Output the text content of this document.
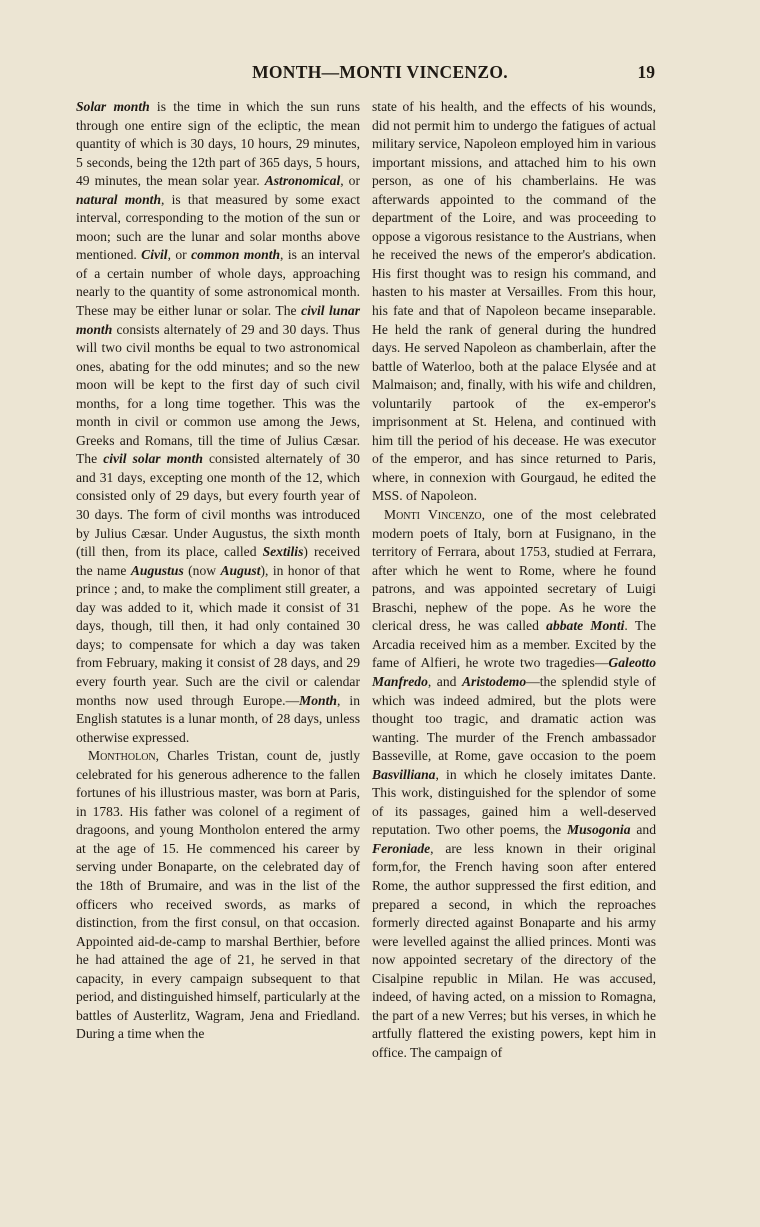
MONTH—MONTI VINCENZO.	19

Solar month is the time in which the sun runs through one entire sign of the ecliptic, the mean quantity of which is 30 days, 10 hours, 29 minutes, 5 seconds, being the 12th part of 365 days, 5 hours, 49 minutes, the mean solar year. Astronomical, or natural month, is that measured by some exact interval, corresponding to the motion of the sun or moon; such are the lunar and solar months above mentioned. Civil, or common month, is an interval of a certain number of whole days, approaching nearly to the quantity of some astronomical month. These may be either lunar or solar. The civil lunar month consists alternately of 29 and 30 days. Thus will two civil months be equal to two astronomical ones, abating for the odd minutes; and so the new moon will be kept to the first day of such civil months, for a long time together. This was the month in civil or common use among the Jews, Greeks and Romans, till the time of Julius Cæsar. The civil solar month consisted alternately of 30 and 31 days, excepting one month of the 12, which consisted only of 29 days, but every fourth year of 30 days. The form of civil months was introduced by Julius Cæsar. Under Augustus, the sixth month (till then, from its place, called Sextilis) received the name Augustus (now August), in honor of that prince ; and, to make the compliment still greater, a day was added to it, which made it consist of 31 days, though, till then, it had only contained 30 days; to compensate for which a day was taken from February, making it consist of 28 days, and 29 every fourth year. Such are the civil or calendar months now used through Europe.—Month, in English statutes is a lunar month, of 28 days, unless otherwise expressed.

Montholon, Charles Tristan, count de, justly celebrated for his generous adherence to the fallen fortunes of his illustrious master, was born at Paris, in 1783. His father was colonel of a regiment of dragoons, and young Montholon entered the army at the age of 15. He commenced his career by serving under Bonaparte, on the celebrated day of the 18th of Brumaire, and was in the list of the officers who received swords, as marks of distinction, from the first consul, on that occasion. Appointed aid-de-camp to marshal Berthier, before he had attained the age of 21, he served in that capacity, in every campaign subsequent to that period, and distinguished himself, particularly at the battles of Austerlitz, Wagram, Jena and Friedland. During a time when the

state of his health, and the effects of his wounds, did not permit him to undergo the fatigues of actual military service, Napoleon employed him in various important missions, and attached him to his own person, as one of his chamberlains. He was afterwards appointed to the command of the department of the Loire, and was proceeding to oppose a vigorous resistance to the Austrians, when he received the news of the emperor's abdication. His first thought was to resign his command, and hasten to his master at Versailles. From this hour, his fate and that of Napoleon became inseparable. He held the rank of general during the hundred days. He served Napoleon as chamberlain, after the battle of Waterloo, both at the palace Elysée and at Malmaison; and, finally, with his wife and children, voluntarily partook of the ex-emperor's imprisonment at St. Helena, and continued with him till the period of his decease. He was executor of the emperor, and has since returned to Paris, where, in connexion with Gourgaud, he edited the MSS. of Napoleon.

Monti Vincenzo, one of the most celebrated modern poets of Italy, born at Fusignano, in the territory of Ferrara, about 1753, studied at Ferrara, after which he went to Rome, where he found patrons, and was appointed secretary of Luigi Braschi, nephew of the pope. As he wore the clerical dress, he was called abbate Monti. The Arcadia received him as a member. Excited by the fame of Alfieri, he wrote two tragedies—Galeotto Manfredo, and Aristodemo—the splendid style of which was indeed admired, but the plots were thought too tragic, and dramatic action was wanting. The murder of the French ambassador Basseville, at Rome, gave occasion to the poem Basvilliana, in which he closely imitates Dante. This work, distinguished for the splendor of some of its passages, gained him a well-deserved reputation. Two other poems, the Musogonia and Feroniade, are less known in their original form,for, the French having soon after entered Rome, the author suppressed the first edition, and prepared a second, in which the reproaches formerly directed against Bonaparte and his army were levelled against the allied princes. Monti was now appointed secretary of the directory of the Cisalpine republic in Milan. He was accused, indeed, of having acted, on a mission to Romagna, the part of a new Verres; but his verses, in which he artfully flattered the existing powers, kept him in office. The campaign of
